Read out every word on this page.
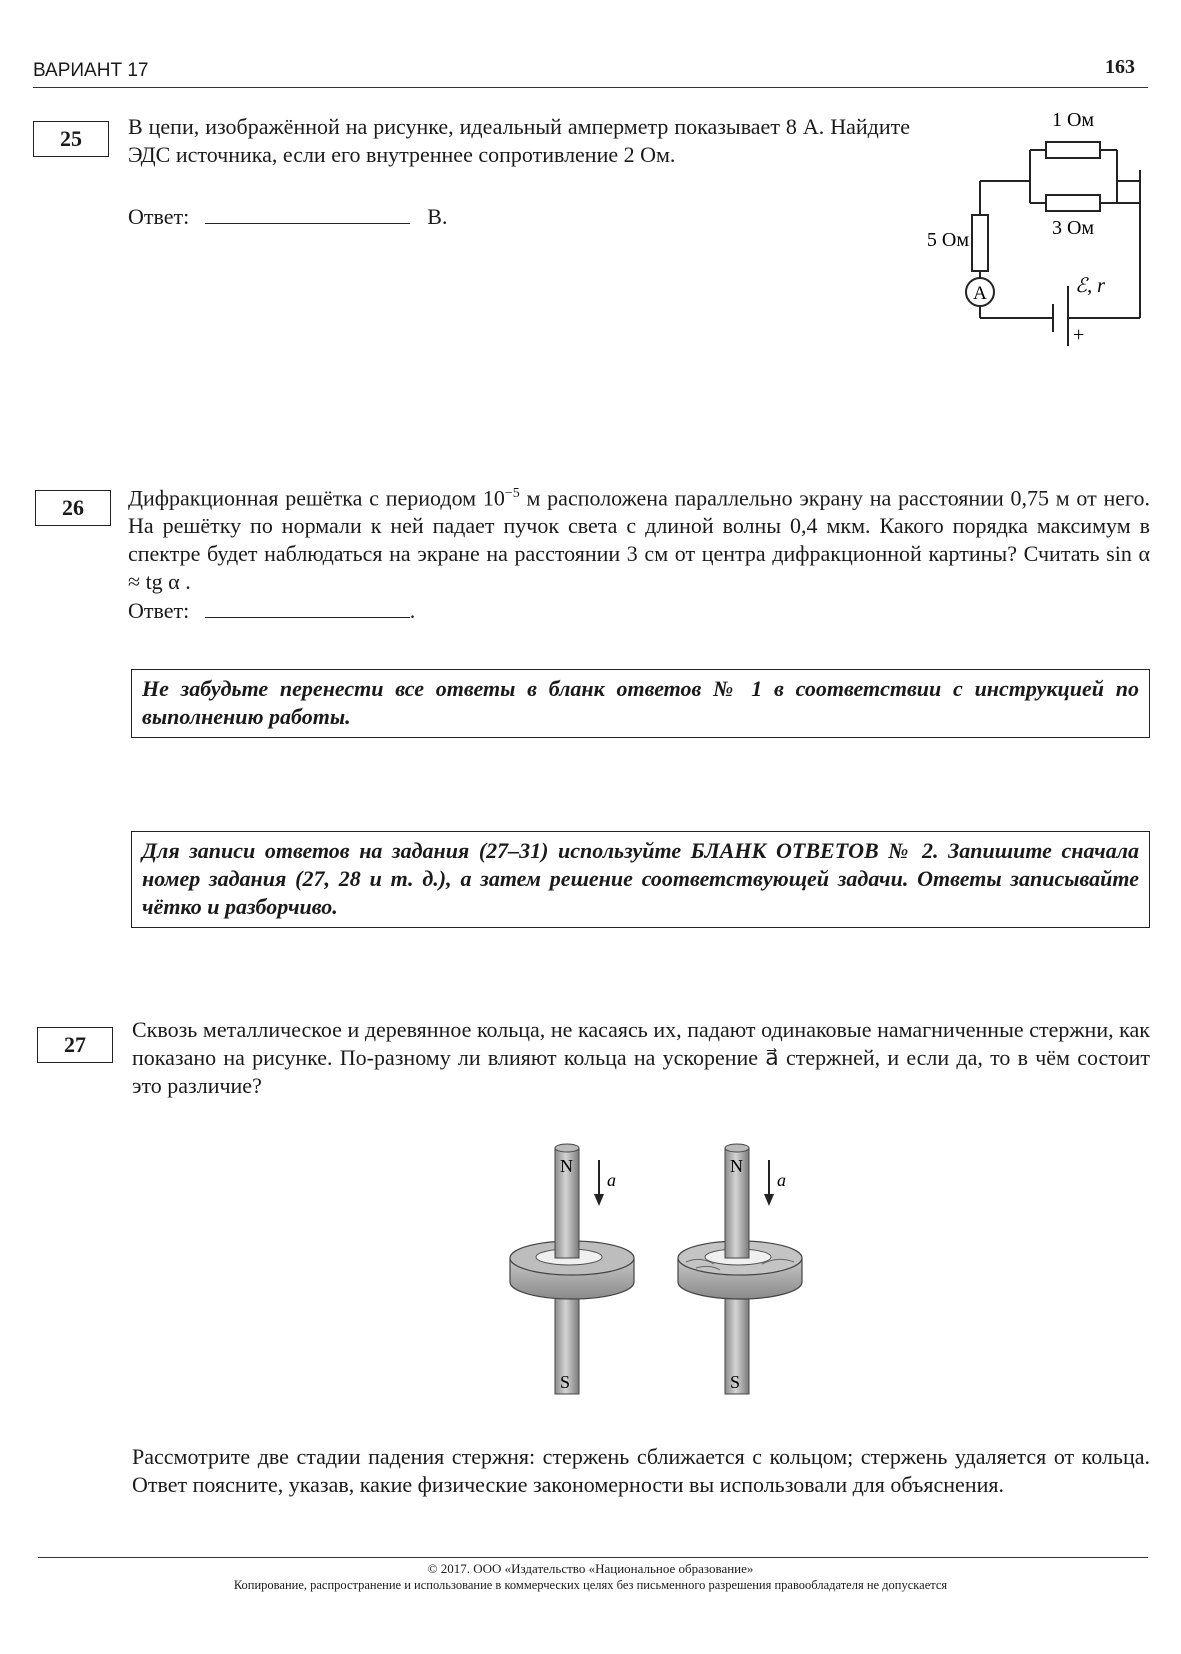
ВАРИАНТ 17	163
25	В цепи, изображённой на рисунке, идеальный амперметр показывает 8 А. Найдите ЭДС источника, если его внутреннее сопротивление 2 Ом.
Ответ:	В.
A
1 Ом
3 Ом
5 Ом
ℰ, r
+
26	Дифракционная решётка с периодом $10^{-5}$ м расположена параллельно экрану на расстоянии 0,75 м от него. На решётку по нормали к ней падает пучок света с длиной волны 0,4 мкм. Какого порядка максимум в спектре будет наблюдаться на экране на расстоянии 3 см от центра дифракционной картины? Считать sin α ≈ tg α .
Ответ:	.
Не забудьте перенести все ответы в бланк ответов № 1 в соответствии с инструкцией по выполнению работы.
Для записи ответов на задания (27–31) используйте БЛАНК ОТВЕТОВ № 2. Запишите сначала номер задания (27, 28 и т. д.), а затем решение соответствующей задачи. Ответы записывайте чётко и разборчиво.
27
Сквозь металлическое и деревянное кольца, не касаясь их, падают одинаковые намагниченные стержни, как показано на рисунке. По-разному ли влияют кольца на ускорение a⃗ стержней, и если да, то в чём состоит это различие?
N
S
a⃗
N
S
a⃗
Рассмотрите две стадии падения стержня: стержень сближается с кольцом; стержень удаляется от кольца. Ответ поясните, указав, какие физические закономерности вы использовали для объяснения.
© 2017. ООО «Издательство «Национальное образование»
Копирование, распространение и использование в коммерческих целях без письменного разрешения правообладателя не допускается
